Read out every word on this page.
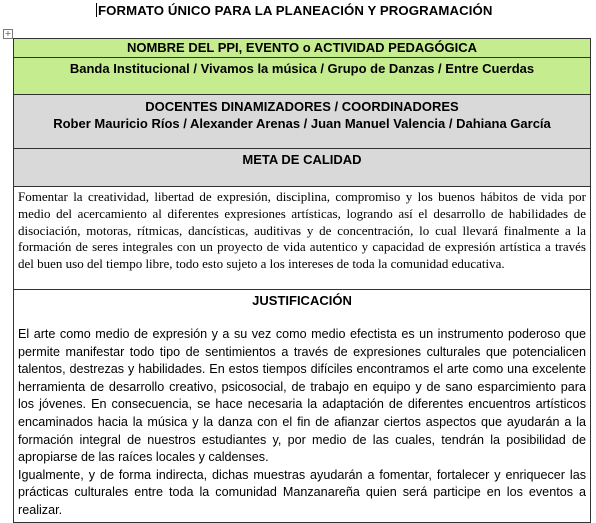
FORMATO ÚNICO PARA LA PLANEACIÓN Y PROGRAMACIÓN
+
NOMBRE DEL PPI, EVENTO o ACTIVIDAD PEDAGÓGICA
Banda Institucional / Vivamos la música / Grupo de Danzas / Entre Cuerdas

DOCENTES DINAMIZADORES / COORDINADORES
Rober Mauricio Ríos / Alexander Arenas / Juan Manuel Valencia / Dahiana García

META DE CALIDAD
Fomentar la creatividad, libertad de expresión, disciplina, compromiso y los buenos hábitos de vida por medio del acercamiento al diferentes expresiones artísticas, logrando así el desarrollo de habilidades de disociación, motoras, rítmicas, dancísticas, auditivas y de concentración, lo cual llevará finalmente a la formación de seres integrales con un proyecto de vida autentico y capacidad de expresión artística a través del buen uso del tiempo libre, todo esto sujeto a los intereses de toda la comunidad educativa.

JUSTIFICACIÓN

El arte como medio de expresión y a su vez como medio efectista es un instrumento poderoso que permite manifestar todo tipo de sentimientos a través de expresiones culturales que potencialicen talentos, destrezas y habilidades. En estos tiempos difíciles encontramos el arte como una excelente herramienta de desarrollo creativo, psicosocial, de trabajo en equipo y de sano esparcimiento para los jóvenes. En consecuencia, se hace necesaria la adaptación de diferentes encuentros artísticos encaminados hacia la música y la danza con el fin de afianzar ciertos aspectos que ayudarán a la formación integral de nuestros estudiantes y, por medio de las cuales, tendrán la posibilidad de apropiarse de las raíces locales y caldenses.

Igualmente, y de forma indirecta, dichas muestras ayudarán a fomentar, fortalecer y enriquecer las prácticas culturales entre toda la comunidad Manzanareña quien será participe en los eventos a realizar.
